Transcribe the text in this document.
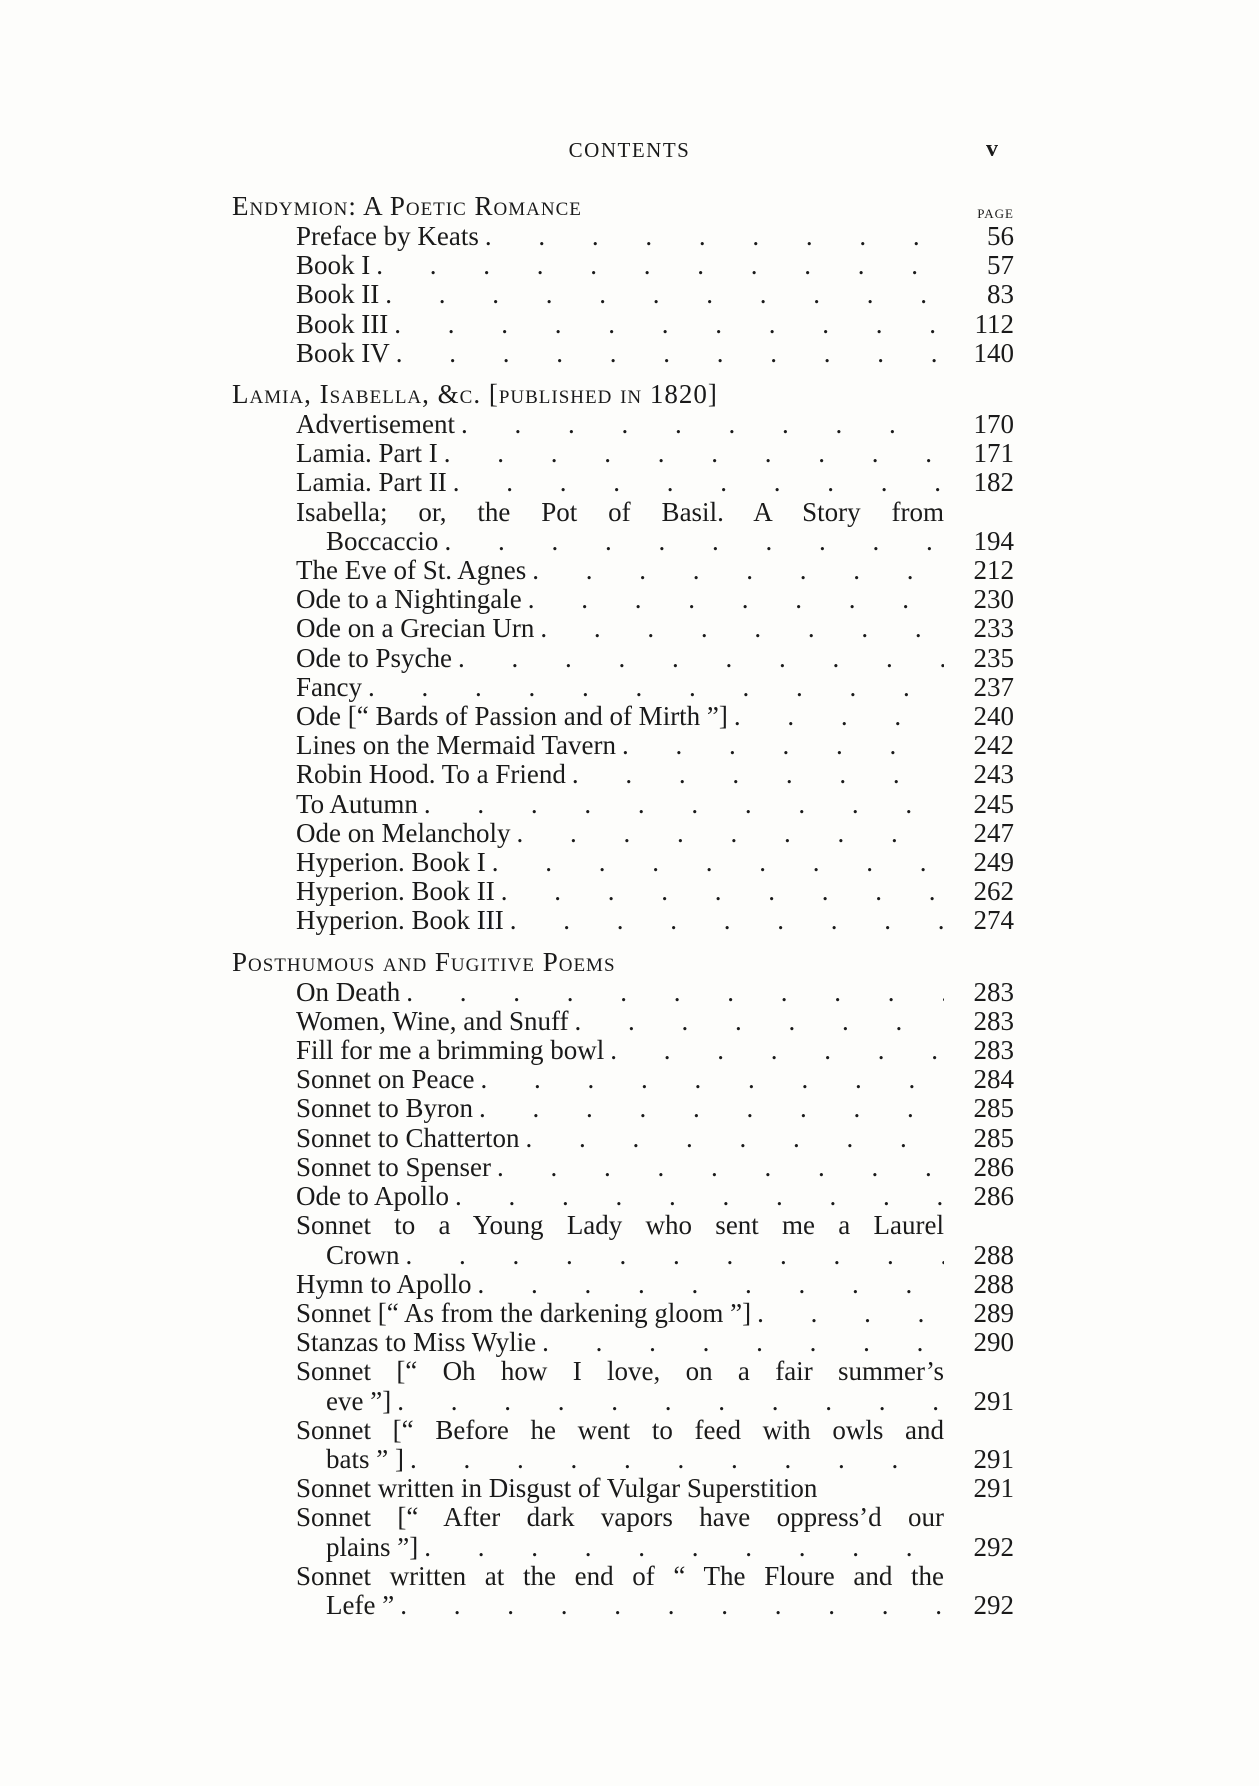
CONTENTS	v
Endymion: A Poetic Romance	PAGE
Preface by Keats . . .	56
Book I . . .	57
Book II . . .	83
Book III . . .	112
Book IV . . .	140
Lamia, Isabella, &c. [published in 1820]
Advertisement . . .	170
Lamia. Part I . . .	171
Lamia. Part II . . .	182
Isabella; or, the Pot of Basil. A Story from
Boccaccio . . .	194
The Eve of St. Agnes . . .	212
Ode to a Nightingale . . .	230
Ode on a Grecian Urn . . .	233
Ode to Psyche . . .	235
Fancy . . .	237
Ode [“ Bards of Passion and of Mirth ”] . . .	240
Lines on the Mermaid Tavern . . .	242
Robin Hood. To a Friend . . .	243
To Autumn . . .	245
Ode on Melancholy . . .	247
Hyperion. Book I . . .	249
Hyperion. Book II . . .	262
Hyperion. Book III . . .	274
Posthumous and Fugitive Poems
On Death . . .	283
Women, Wine, and Snuff . . .	283
Fill for me a brimming bowl . . .	283
Sonnet on Peace . . .	284
Sonnet to Byron . . .	285
Sonnet to Chatterton . . .	285
Sonnet to Spenser . . .	286
Ode to Apollo . . .	286
Sonnet to a Young Lady who sent me a Laurel
Crown . . .	288
Hymn to Apollo . . .	288
Sonnet [“ As from the darkening gloom ”] . . .	289
Stanzas to Miss Wylie . . .	290
Sonnet [“ Oh how I love, on a fair summer’s
eve ”] . . .	291
Sonnet [“ Before he went to feed with owls and
bats ” ] . . .	291
Sonnet written in Disgust of Vulgar Superstition	291
Sonnet [“ After dark vapors have oppress’d our
plains ”] . . .	292
Sonnet written at the end of “ The Floure and the
Lefe ” . . .	292
